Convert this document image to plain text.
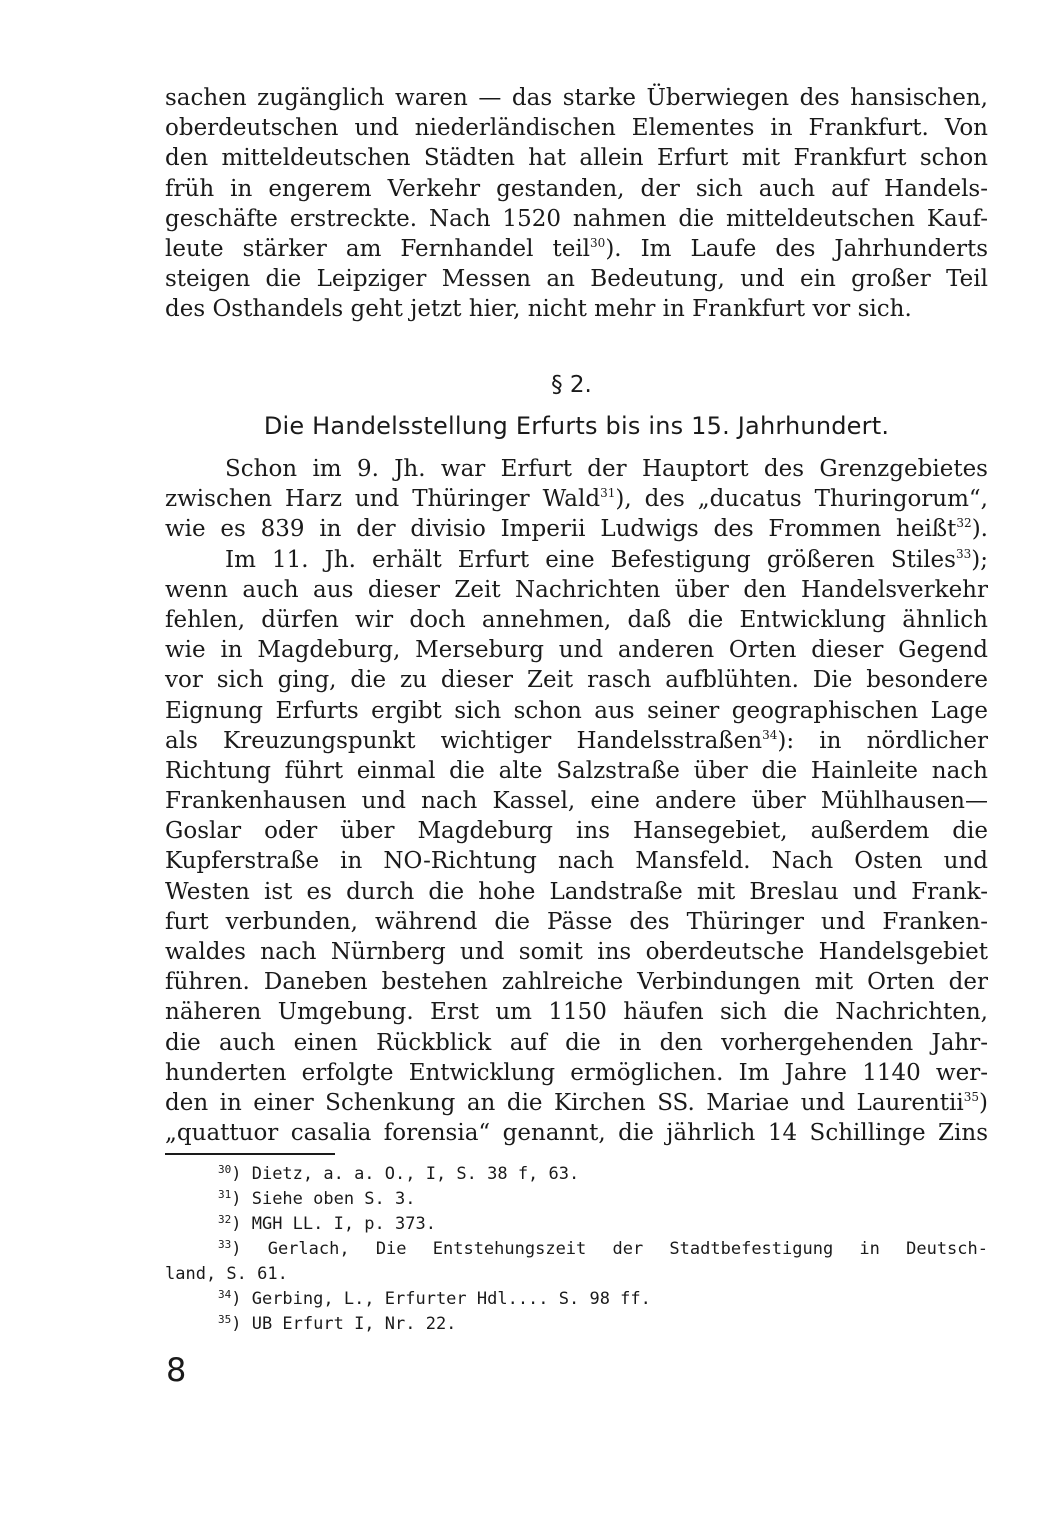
sachen zugänglich waren — das starke Überwiegen des hansischen,
oberdeutschen und niederländischen Elementes in Frankfurt. Von
den mitteldeutschen Städten hat allein Erfurt mit Frankfurt schon
früh in engerem Verkehr gestanden, der sich auch auf Handels-
geschäfte erstreckte. Nach 1520 nahmen die mitteldeutschen Kauf-
leute stärker am Fernhandel teil$^{30}$). Im Laufe des Jahrhunderts
steigen die Leipziger Messen an Bedeutung, und ein großer Teil
des Osthandels geht jetzt hier, nicht mehr in Frankfurt vor sich.
§ 2.
Die Handelsstellung Erfurts bis ins 15. Jahrhundert.
Schon im 9. Jh. war Erfurt der Hauptort des Grenzgebietes
zwischen Harz und Thüringer Wald$^{31}$), des „ducatus Thuringorum“,
wie es 839 in der divisio Imperii Ludwigs des Frommen heißt$^{32}$).
Im 11. Jh. erhält Erfurt eine Befestigung größeren Stiles$^{33}$);
wenn auch aus dieser Zeit Nachrichten über den Handelsverkehr
fehlen, dürfen wir doch annehmen, daß die Entwicklung ähnlich
wie in Magdeburg, Merseburg und anderen Orten dieser Gegend
vor sich ging, die zu dieser Zeit rasch aufblühten. Die besondere
Eignung Erfurts ergibt sich schon aus seiner geographischen Lage
als Kreuzungspunkt wichtiger Handelsstraßen$^{34}$): in nördlicher
Richtung führt einmal die alte Salzstraße über die Hainleite nach
Frankenhausen und nach Kassel, eine andere über Mühlhausen—
Goslar oder über Magdeburg ins Hansegebiet, außerdem die
Kupferstraße in NO-Richtung nach Mansfeld. Nach Osten und
Westen ist es durch die hohe Landstraße mit Breslau und Frank-
furt verbunden, während die Pässe des Thüringer und Franken-
waldes nach Nürnberg und somit ins oberdeutsche Handelsgebiet
führen. Daneben bestehen zahlreiche Verbindungen mit Orten der
näheren Umgebung. Erst um 1150 häufen sich die Nachrichten,
die auch einen Rückblick auf die in den vorhergehenden Jahr-
hunderten erfolgte Entwicklung ermöglichen. Im Jahre 1140 wer-
den in einer Schenkung an die Kirchen SS. Mariae und Laurentii$^{35}$)
„quattuor casalia forensia“ genannt, die jährlich 14 Schillinge Zins
$^{30}$) Dietz, a. a. O., I, S. 38 f, 63.
$^{31}$) Siehe oben S. 3.
$^{32}$) MGH LL. I, p. 373.
$^{33}$) Gerlach, Die Entstehungszeit der Stadtbefestigung in Deutsch-
land, S. 61.
$^{34}$) Gerbing, L., Erfurter Hdl.... S. 98 ff.
$^{35}$) UB Erfurt I, Nr. 22.
8
